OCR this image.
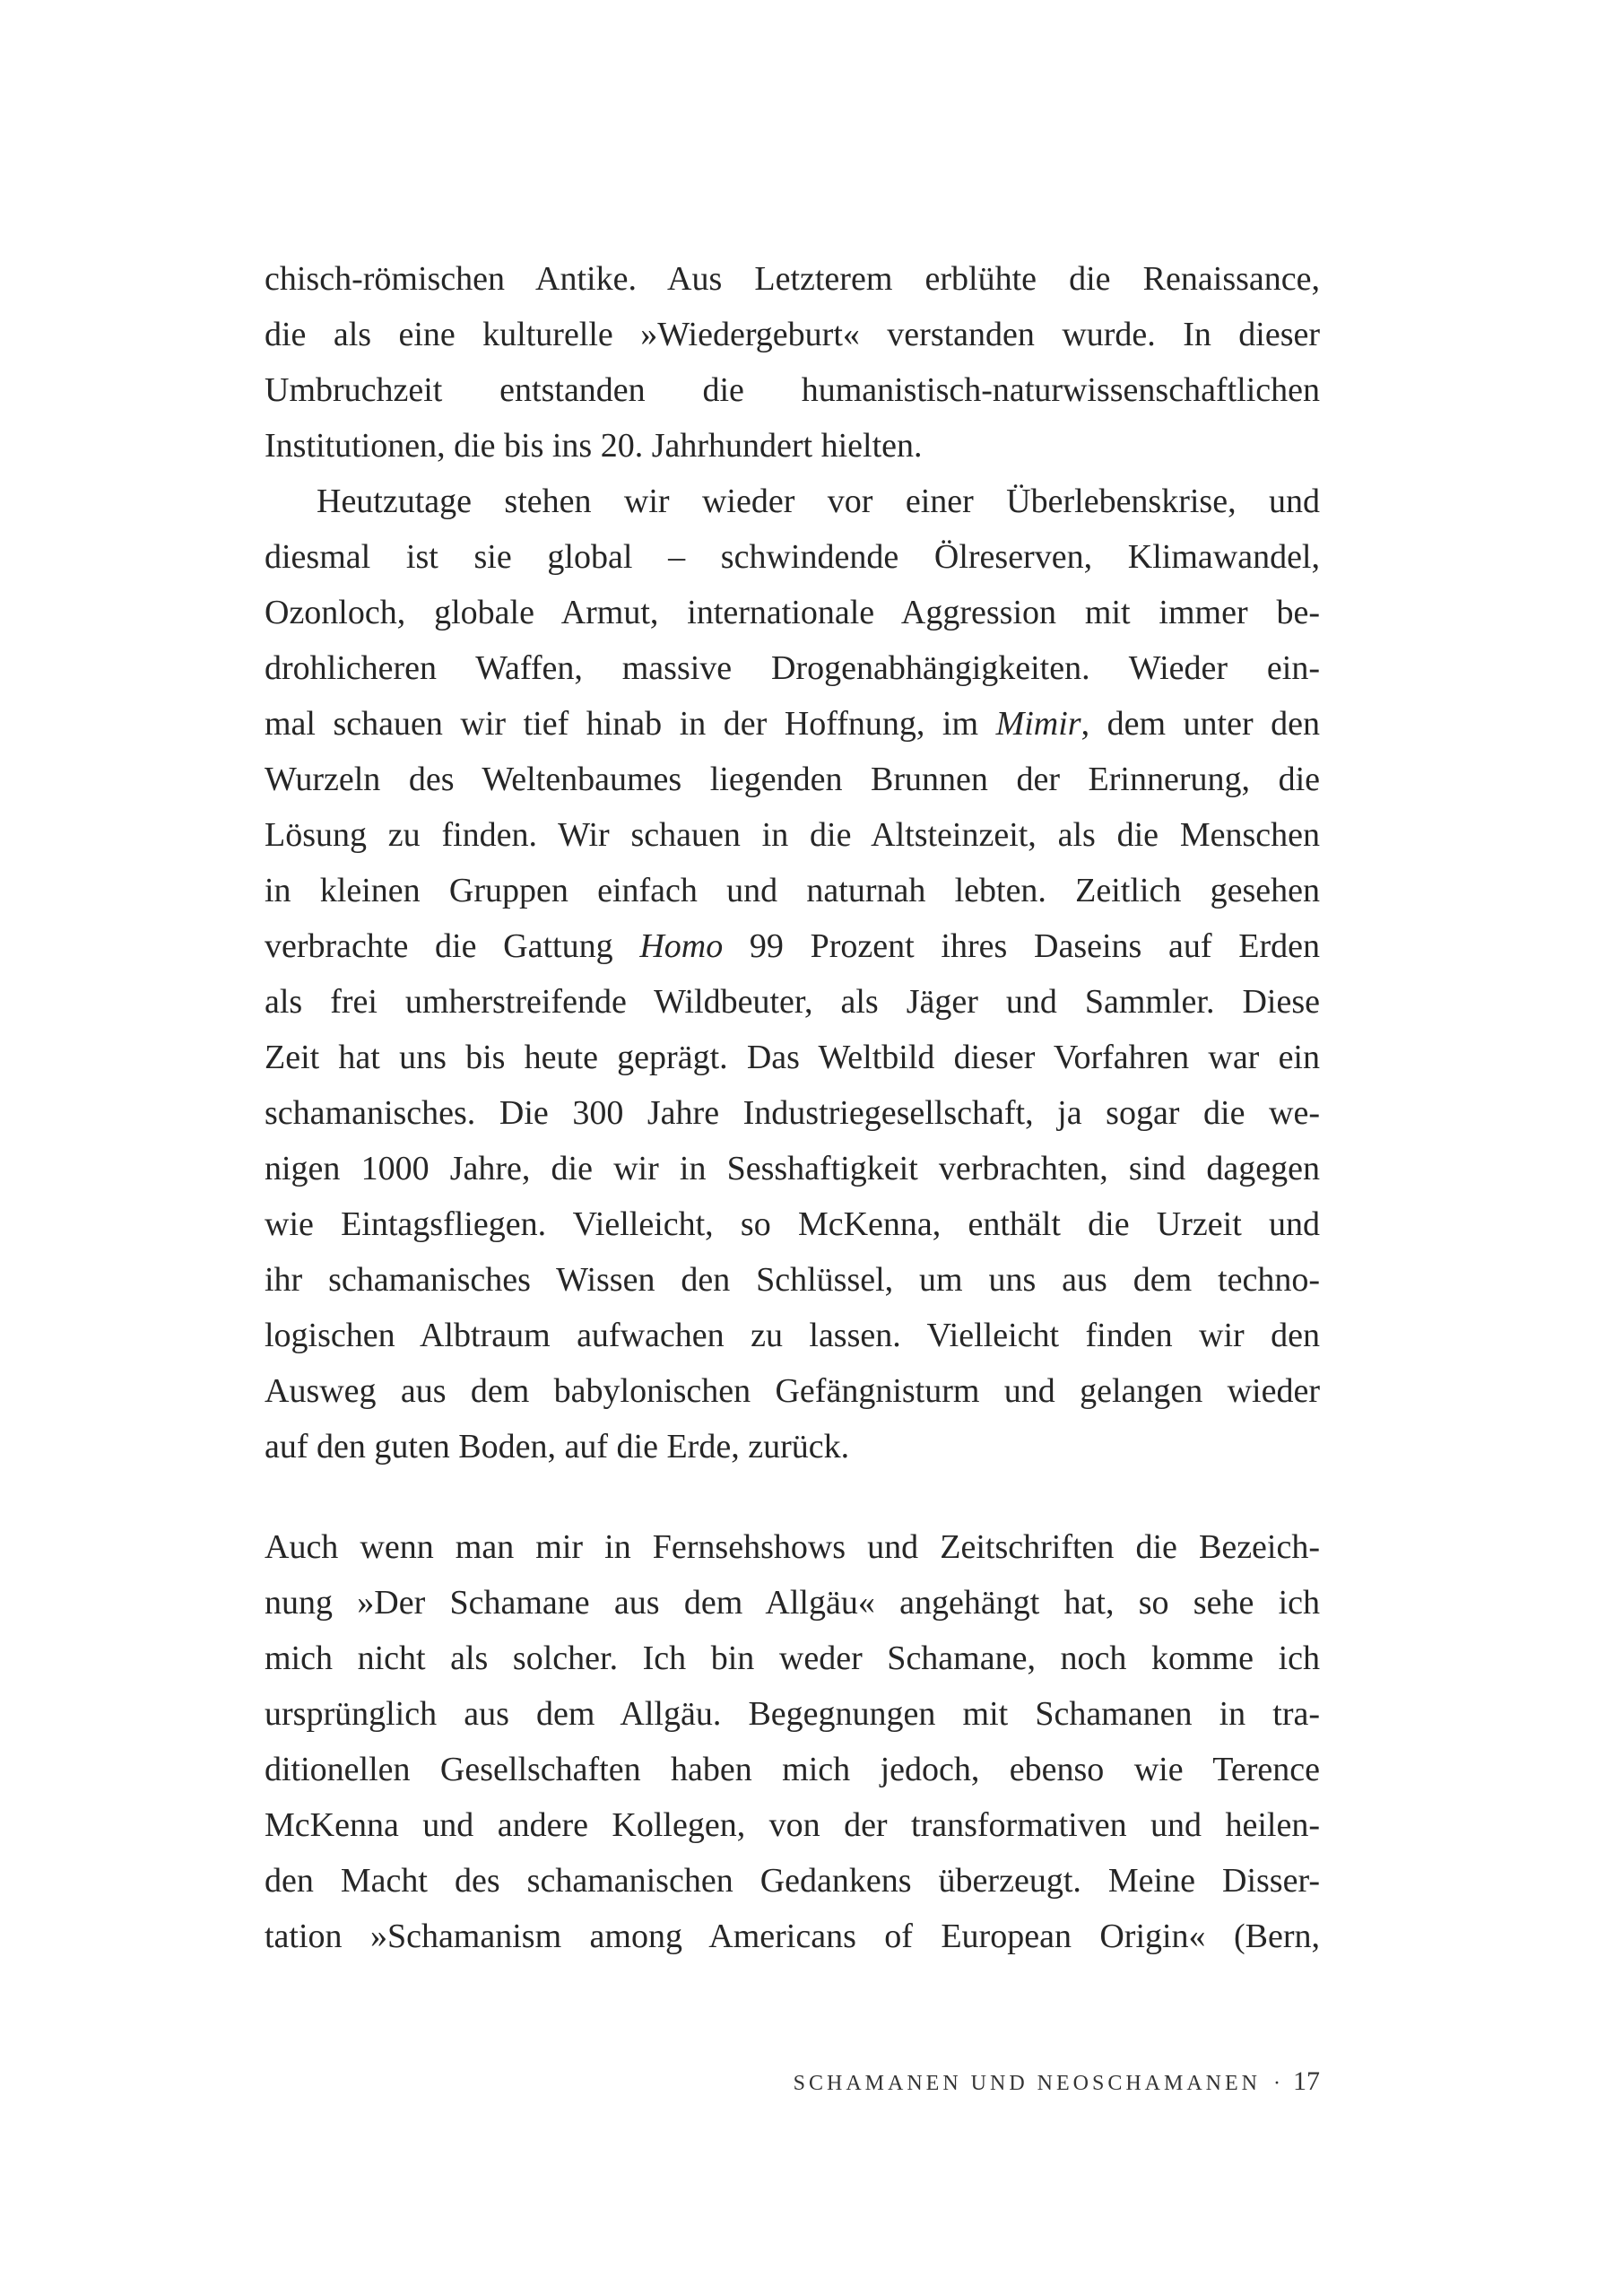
chisch-römischen Antike. Aus Letzterem erblühte die Renaissance,
die als eine kulturelle »Wiedergeburt« verstanden wurde. In dieser
Umbruchzeit entstanden die humanistisch-naturwissenschaftlichen
Institutionen, die bis ins 20. Jahrhundert hielten.
Heutzutage stehen wir wieder vor einer Überlebenskrise, und
diesmal ist sie global – schwindende Ölreserven, Klimawandel,
Ozonloch, globale Armut, internationale Aggression mit immer be-
drohlicheren Waffen, massive Drogenabhängigkeiten. Wieder ein-
mal schauen wir tief hinab in der Hoffnung, im Mimir, dem unter den
Wurzeln des Weltenbaumes liegenden Brunnen der Erinnerung, die
Lösung zu finden. Wir schauen in die Altsteinzeit, als die Menschen
in kleinen Gruppen einfach und naturnah lebten. Zeitlich gesehen
verbrachte die Gattung Homo 99 Prozent ihres Daseins auf Erden
als frei umherstreifende Wildbeuter, als Jäger und Sammler. Diese
Zeit hat uns bis heute geprägt. Das Weltbild dieser Vorfahren war ein
schamanisches. Die 300 Jahre Industriegesellschaft, ja sogar die we-
nigen 1000 Jahre, die wir in Sesshaftigkeit verbrachten, sind dagegen
wie Eintagsfliegen. Vielleicht, so McKenna, enthält die Urzeit und
ihr schamanisches Wissen den Schlüssel, um uns aus dem techno-
logischen Albtraum aufwachen zu lassen. Vielleicht finden wir den
Ausweg aus dem babylonischen Gefängnisturm und gelangen wieder
auf den guten Boden, auf die Erde, zurück.
Auch wenn man mir in Fernsehshows und Zeitschriften die Bezeich-
nung »Der Schamane aus dem Allgäu« angehängt hat, so sehe ich
mich nicht als solcher. Ich bin weder Schamane, noch komme ich
ursprünglich aus dem Allgäu. Begegnungen mit Schamanen in tra-
ditionellen Gesellschaften haben mich jedoch, ebenso wie Terence
McKenna und andere Kollegen, von der transformativen und heilen-
den Macht des schamanischen Gedankens überzeugt. Meine Disser-
tation »Schamanism among Americans of European Origin« (Bern,
SCHAMANEN UND NEOSCHAMANEN · 17
